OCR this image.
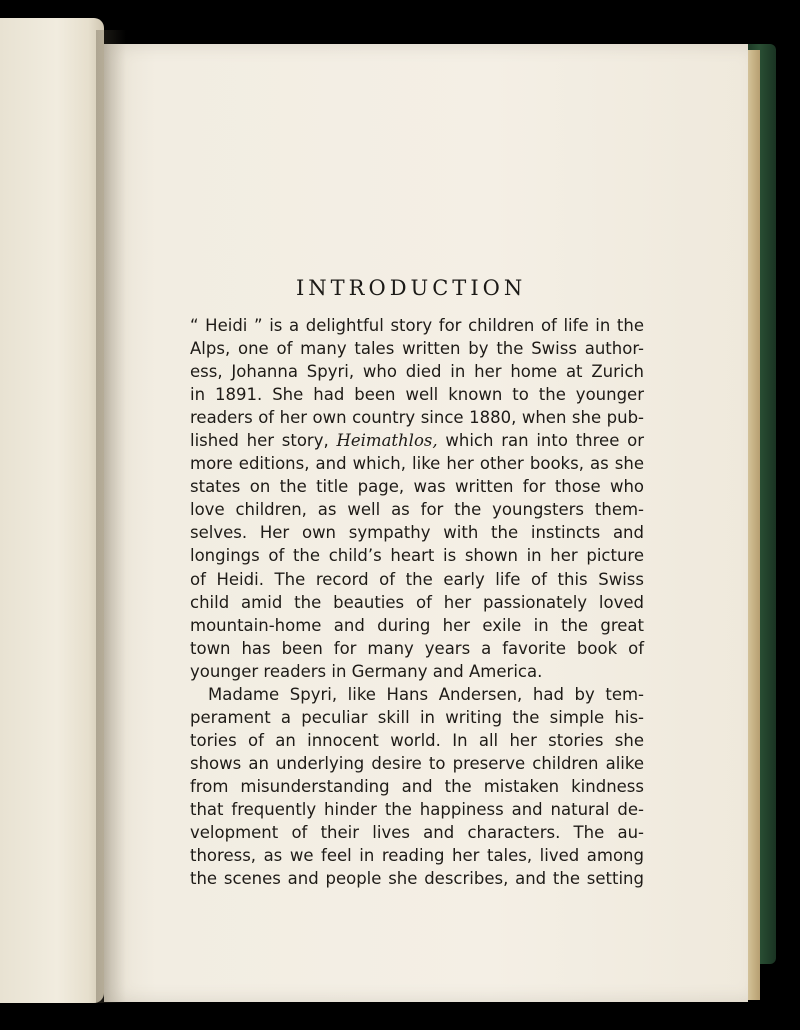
INTRODUCTION
“ Heidi ” is a delightful story for children of life in the
Alps, one of many tales written by the Swiss author-
ess, Johanna Spyri, who died in her home at Zurich
in 1891. She had been well known to the younger
readers of her own country since 1880, when she pub-
lished her story, Heimathlos, which ran into three or
more editions, and which, like her other books, as she
states on the title page, was written for those who
love children, as well as for the youngsters them-
selves. Her own sympathy with the instincts and
longings of the child’s heart is shown in her picture
of Heidi. The record of the early life of this Swiss
child amid the beauties of her passionately loved
mountain-home and during her exile in the great
town has been for many years a favorite book of
younger readers in Germany and America.
Madame Spyri, like Hans Andersen, had by tem-
perament a peculiar skill in writing the simple his-
tories of an innocent world. In all her stories she
shows an underlying desire to preserve children alike
from misunderstanding and the mistaken kindness
that frequently hinder the happiness and natural de-
velopment of their lives and characters. The au-
thoress, as we feel in reading her tales, lived among
the scenes and people she describes, and the setting
